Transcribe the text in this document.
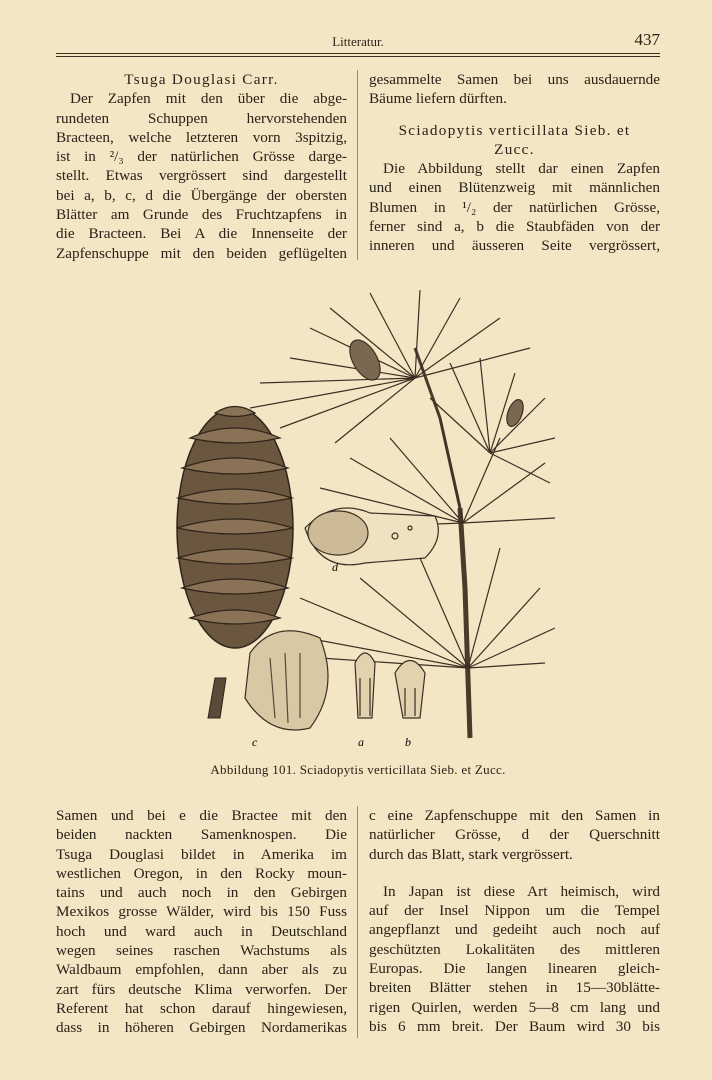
Litteratur.	437
Tsuga Douglasi Carr.
Der Zapfen mit den über die abge-
rundeten Schuppen hervorstehenden
Bracteen, welche letzteren vorn 3spitzig,
ist in ²/₃ der natürlichen Grösse darge-
stellt. Etwas vergrössert sind dargestellt
bei a, b, c, d die Übergänge der obersten
Blätter am Grunde des Fruchtzapfens in
die Bracteen. Bei A die Innenseite der
Zapfenschuppe mit den beiden geflügelten
gesammelte Samen bei uns ausdauernde
Bäume liefern dürften.
Sciadopytis verticillata Sieb. et
Zucc.
Die Abbildung stellt dar einen Zapfen
und einen Blütenzweig mit männlichen
Blumen in ¹/₂ der natürlichen Grösse,
ferner sind a, b die Staubfäden von der
inneren und äusseren Seite vergrössert,
d
c	a	b
Abbildung 101. Sciadopytis verticillata Sieb. et Zucc.
Samen und bei e die Bractee mit den
beiden nackten Samenknospen. Die
Tsuga Douglasi bildet in Amerika im
westlichen Oregon, in den Rocky moun-
tains und auch noch in den Gebirgen
Mexikos grosse Wälder, wird bis 150 Fuss
hoch und ward auch in Deutschland
wegen seines raschen Wachstums als
Waldbaum empfohlen, dann aber als zu
zart fürs deutsche Klima verworfen. Der
Referent hat schon darauf hingewiesen,
dass in höheren Gebirgen Nordamerikas
c eine Zapfenschuppe mit den Samen in
natürlicher Grösse, d der Querschnitt
durch das Blatt, stark vergrössert.
In Japan ist diese Art heimisch, wird
auf der Insel Nippon um die Tempel
angepflanzt und gedeiht auch noch auf
geschützten Lokalitäten des mittleren
Europas. Die langen linearen gleich-
breiten Blätter stehen in 15—30blätte-
rigen Quirlen, werden 5—8 cm lang und
bis 6 mm breit. Der Baum wird 30 bis
